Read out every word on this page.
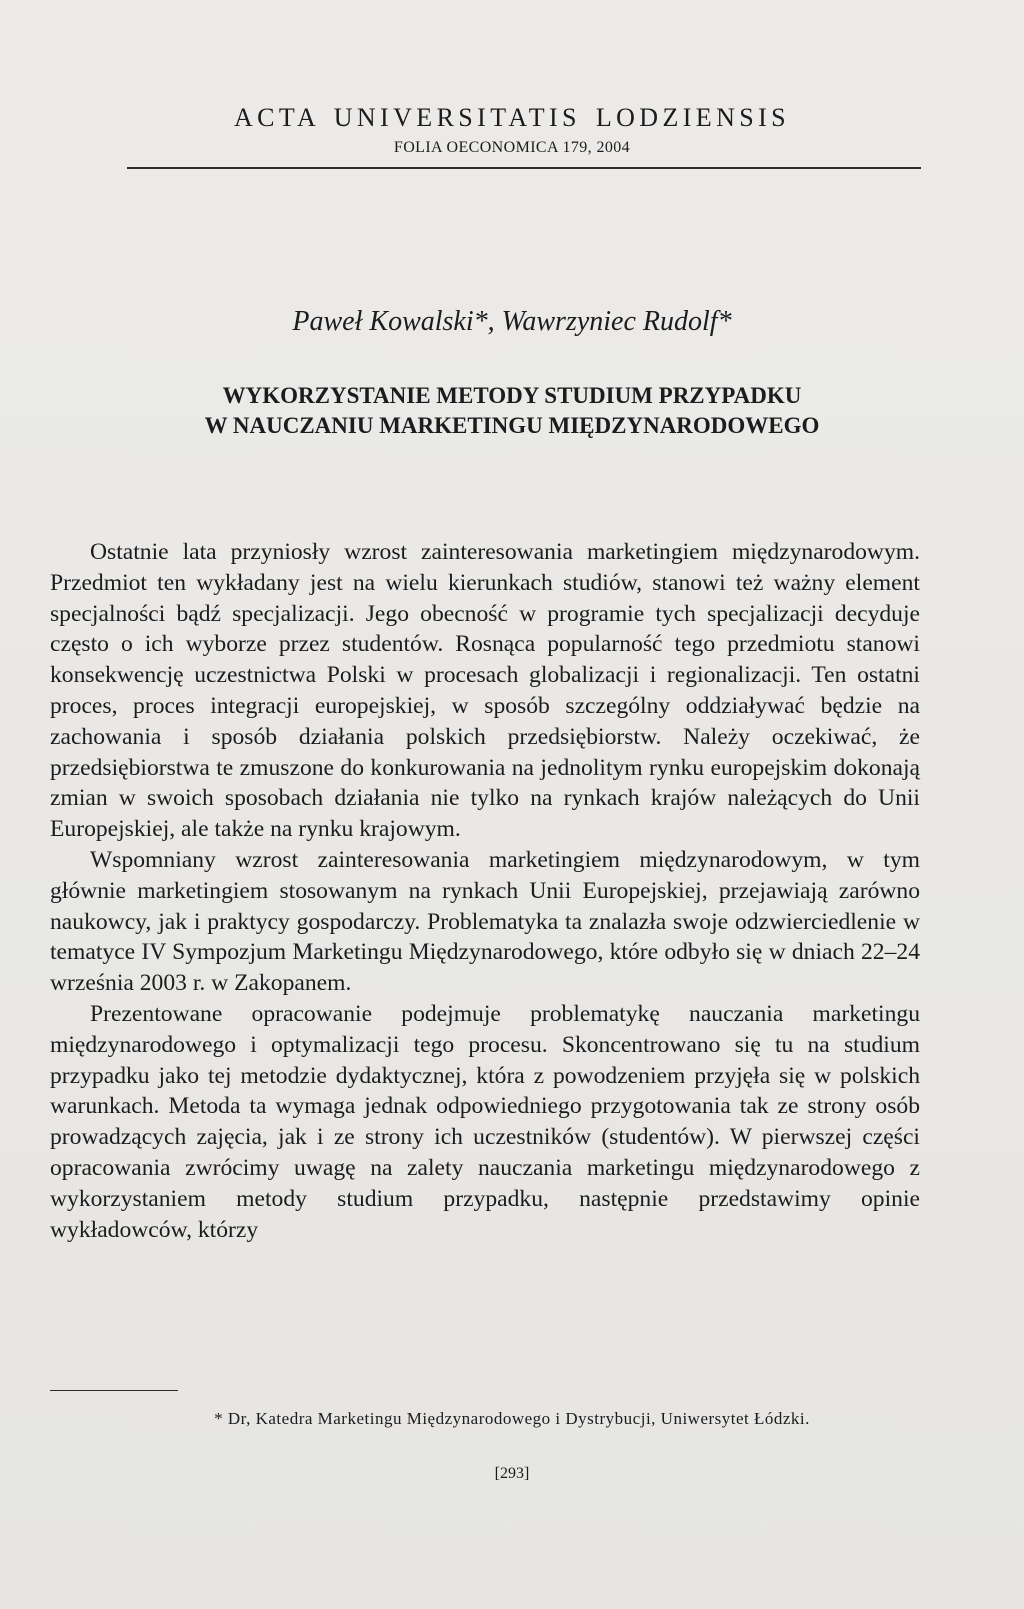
ACTA UNIVERSITATIS LODZIENSIS
FOLIA OECONOMICA 179, 2004
Paweł Kowalski*, Wawrzyniec Rudolf*
WYKORZYSTANIE METODY STUDIUM PRZYPADKU
W NAUCZANIU MARKETINGU MIĘDZYNARODOWEGO

Ostatnie lata przyniosły wzrost zainteresowania marketingiem międzynarodowym. Przedmiot ten wykładany jest na wielu kierunkach studiów, stanowi też ważny element specjalności bądź specjalizacji. Jego obecność w programie tych specjalizacji decyduje często o ich wyborze przez studentów. Rosnąca popularność tego przedmiotu stanowi konsekwencję uczestnictwa Polski w procesach globalizacji i regionalizacji. Ten ostatni proces, proces integracji europejskiej, w sposób szczególny oddziaływać będzie na zachowania i sposób działania polskich przedsiębiorstw. Należy oczekiwać, że przedsiębiorstwa te zmuszone do konkurowania na jednolitym rynku europejskim dokonają zmian w swoich sposobach działania nie tylko na rynkach krajów należących do Unii Europejskiej, ale także na rynku krajowym.

Wspomniany wzrost zainteresowania marketingiem międzynarodowym, w tym głównie marketingiem stosowanym na rynkach Unii Europejskiej, przejawiają zarówno naukowcy, jak i praktycy gospodarczy. Problematyka ta znalazła swoje odzwierciedlenie w tematyce IV Sympozjum Marketingu Międzynarodowego, które odbyło się w dniach 22–24 września 2003 r. w Zakopanem.

Prezentowane opracowanie podejmuje problematykę nauczania marketingu międzynarodowego i optymalizacji tego procesu. Skoncentrowano się tu na studium przypadku jako tej metodzie dydaktycznej, która z powodzeniem przyjęła się w polskich warunkach. Metoda ta wymaga jednak odpowiedniego przygotowania tak ze strony osób prowadzących zajęcia, jak i ze strony ich uczestników (studentów). W pierwszej części opracowania zwrócimy uwagę na zalety nauczania marketingu międzynarodowego z wykorzystaniem metody studium przypadku, następnie przedstawimy opinie wykładowców, którzy

* Dr, Katedra Marketingu Międzynarodowego i Dystrybucji, Uniwersytet Łódzki.
[293]
